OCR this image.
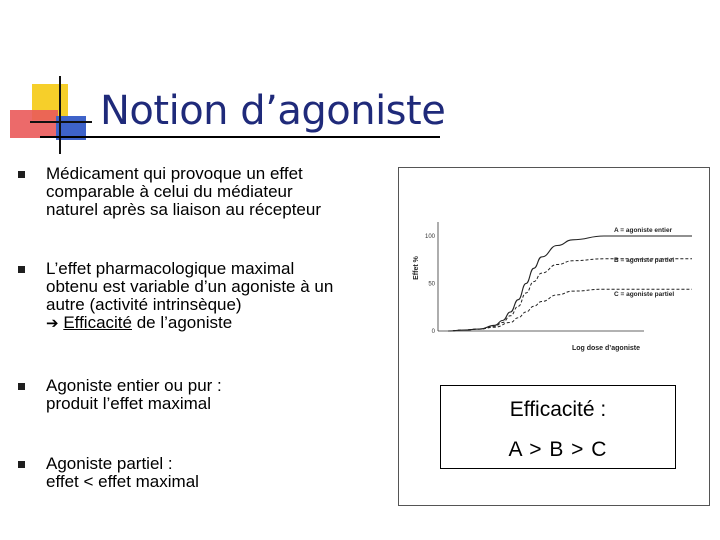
Notion d’agoniste
Médicament qui provoque un effet
comparable à celui du médiateur
naturel après sa liaison au récepteur
L’effet pharmacologique maximal
obtenu est variable d’un agoniste à un
autre (activité intrinsèque)
➔ Efficacité de l’agoniste
Agoniste entier ou pur :
produit l’effet maximal
Agoniste partiel :
effet < effet maximal
Effet %
100
50
0
A = agoniste entier
B = agoniste partiel
C = agoniste partiel
Log dose d’agoniste
Efficacité :
A > B > C
